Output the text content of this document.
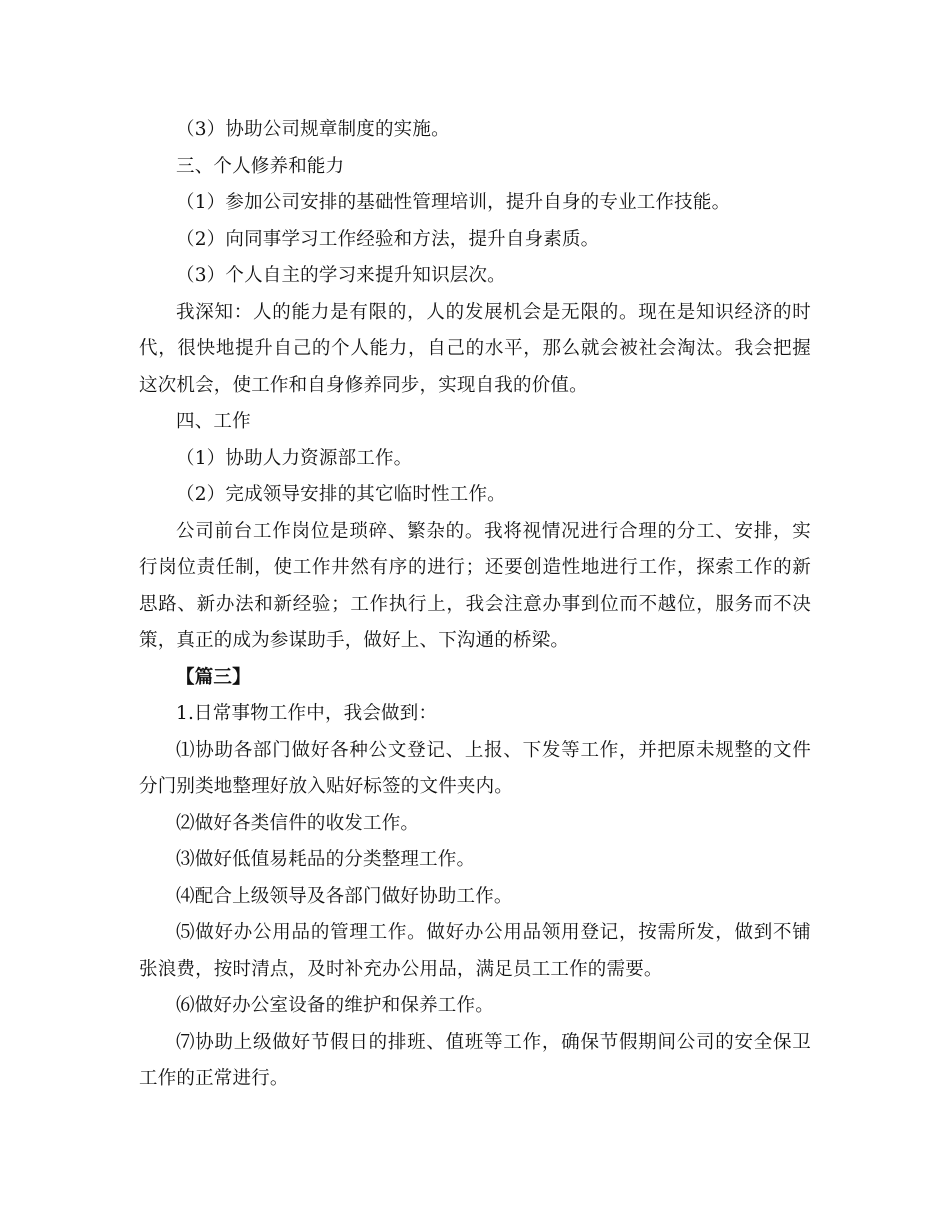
（3）协助公司规章制度的实施。

三、个人修养和能力

（1）参加公司安排的基础性管理培训，提升自身的专业工作技能。

（2）向同事学习工作经验和方法，提升自身素质。

（3）个人自主的学习来提升知识层次。

我深知：人的能力是有限的，人的发展机会是无限的。现在是知识经济的时代，很快地提升自己的个人能力，自己的水平，那么就会被社会淘汰。我会把握这次机会，使工作和自身修养同步，实现自我的价值。

四、工作

（1）协助人力资源部工作。

（2）完成领导安排的其它临时性工作。

公司前台工作岗位是琐碎、繁杂的。我将视情况进行合理的分工、安排，实行岗位责任制，使工作井然有序的进行；还要创造性地进行工作，探索工作的新思路、新办法和新经验；工作执行上，我会注意办事到位而不越位，服务而不决策，真正的成为参谋助手，做好上、下沟通的桥梁。

【篇三】

1.日常事物工作中，我会做到：

⑴协助各部门做好各种公文登记、上报、下发等工作，并把原未规整的文件分门别类地整理好放入贴好标签的文件夹内。

⑵做好各类信件的收发工作。

⑶做好低值易耗品的分类整理工作。

⑷配合上级领导及各部门做好协助工作。

⑸做好办公用品的管理工作。做好办公用品领用登记，按需所发，做到不铺张浪费，按时清点，及时补充办公用品，满足员工工作的需要。

⑹做好办公室设备的维护和保养工作。

⑺协助上级做好节假日的排班、值班等工作，确保节假期间公司的安全保卫工作的正常进行。
